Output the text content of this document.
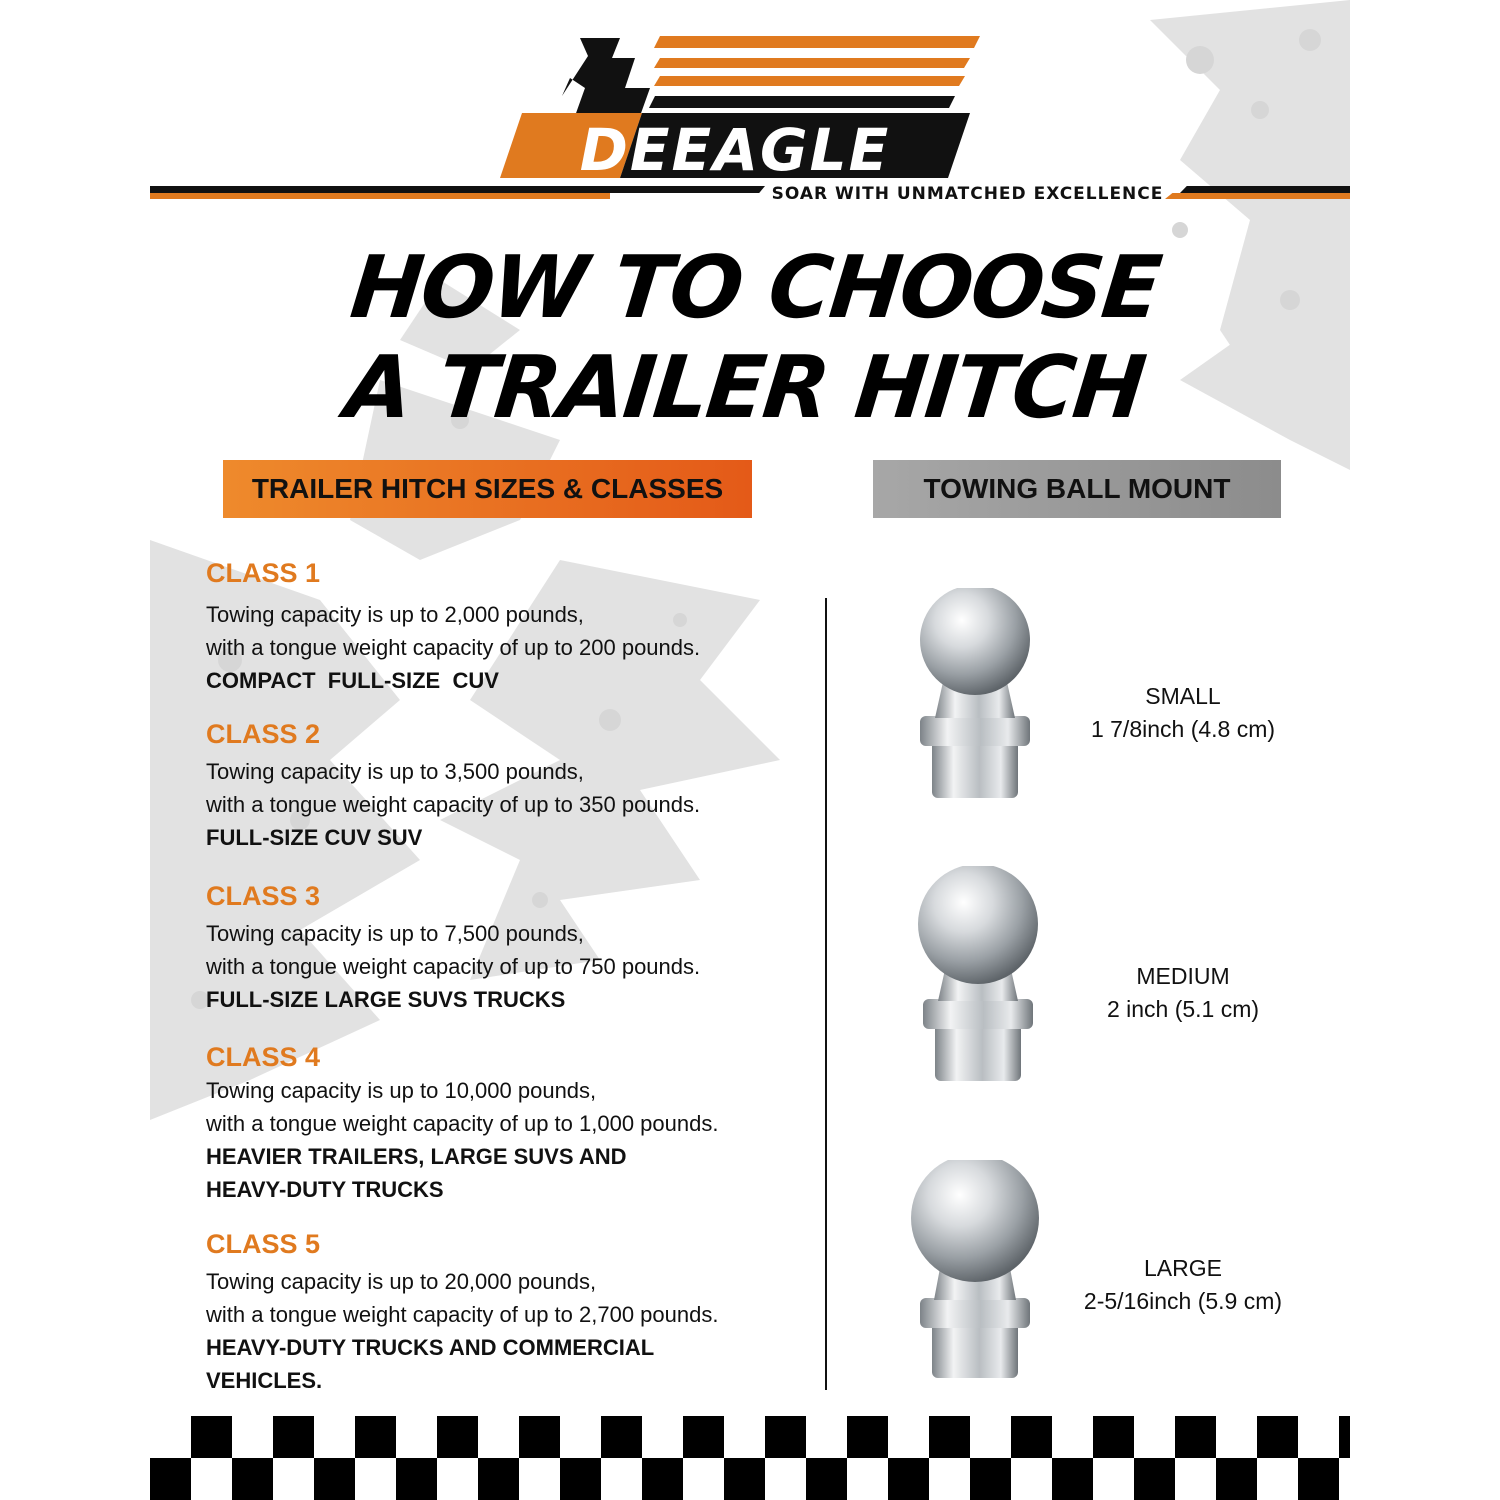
DEEAGLE
SOAR WITH UNMATCHED EXCELLENCE
HOW TO CHOOSE
A TRAILER HITCH
TRAILER HITCH SIZES & CLASSES	TOWING BALL MOUNT
CLASS 1
Towing capacity is up to 2,000 pounds,
with a tongue weight capacity of up to 200 pounds.
COMPACT  FULL-SIZE  CUV
CLASS 2
Towing capacity is up to 3,500 pounds,
with a tongue weight capacity of up to 350 pounds.
FULL-SIZE CUV SUV
CLASS 3
Towing capacity is up to 7,500 pounds,
with a tongue weight capacity of up to 750 pounds.
FULL-SIZE LARGE SUVS TRUCKS
CLASS 4
Towing capacity is up to 10,000 pounds,
with a tongue weight capacity of up to 1,000 pounds.
HEAVIER TRAILERS, LARGE SUVS AND
HEAVY-DUTY TRUCKS
CLASS 5
Towing capacity is up to 20,000 pounds,
with a tongue weight capacity of up to 2,700 pounds.
HEAVY-DUTY TRUCKS AND COMMERCIAL
VEHICLES.
SMALL
1 7/8inch (4.8 cm)
MEDIUM
2 inch (5.1 cm)
LARGE
2-5/16inch (5.9 cm)
